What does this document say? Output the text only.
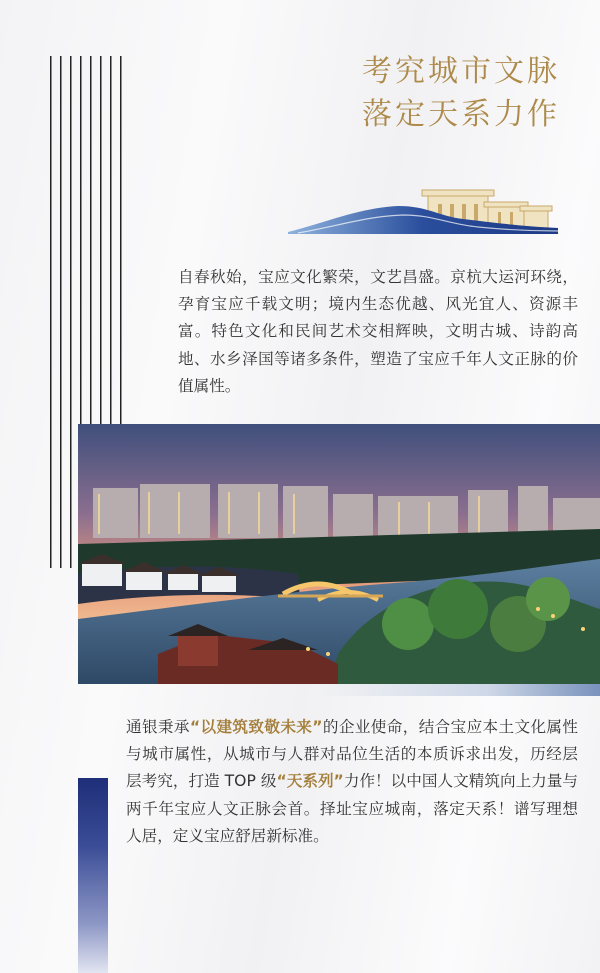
考究城市文脉
落定天系力作
自春秋始，宝应文化繁荣，文艺昌盛。京杭大运河环绕，孕育宝应千载文明；境内生态优越、风光宜人、资源丰富。特色文化和民间艺术交相辉映，文明古城、诗韵高地、水乡泽国等诸多条件，塑造了宝应千年人文正脉的价值属性。
通银秉承“以建筑致敬未来”的企业使命，结合宝应本土文化属性与城市属性，从城市与人群对品位生活的本质诉求出发，历经层层考究，打造 TOP 级“天系列”力作！以中国人文精筑向上力量与两千年宝应人文正脉会首。择址宝应城南，落定天系！谱写理想人居，定义宝应舒居新标准。
